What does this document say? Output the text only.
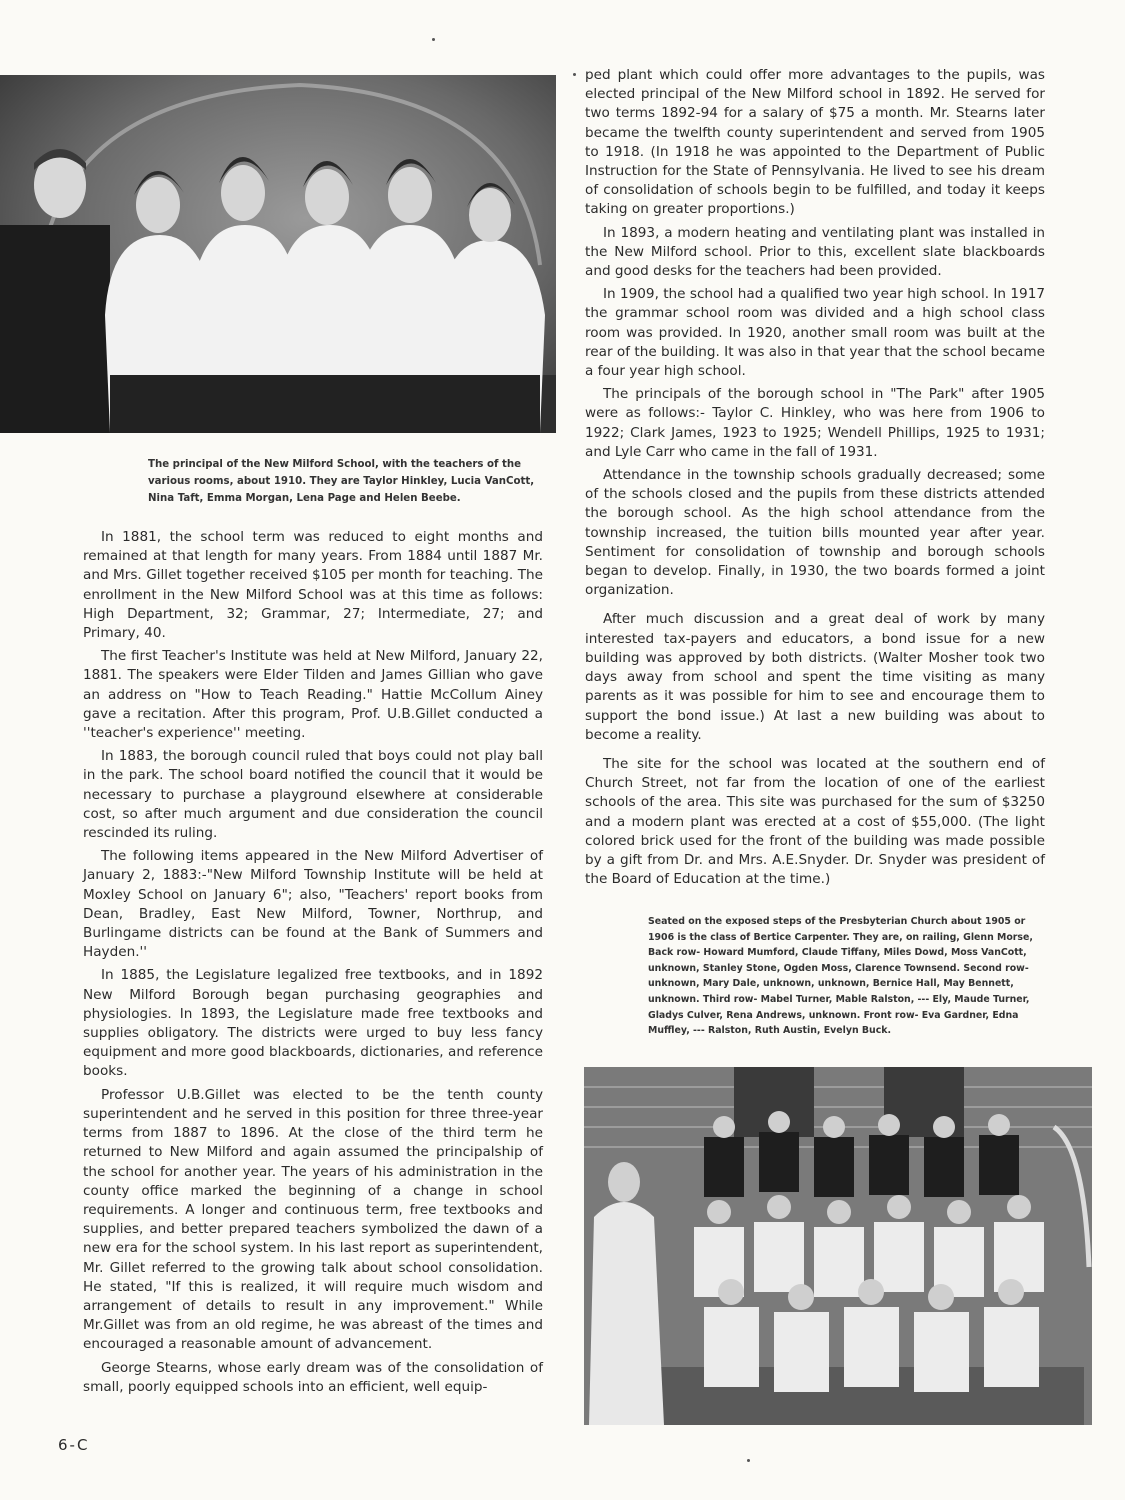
The principal of the New Milford School, with the teachers of the various rooms, about 1910. They are Taylor Hinkley, Lucia VanCott, Nina Taft, Emma Morgan, Lena Page and Helen Beebe.

In 1881, the school term was reduced to eight months and remained at that length for many years. From 1884 until 1887 Mr. and Mrs. Gillet together received $105 per month for teaching. The enrollment in the New Milford School was at this time as follows: High Department, 32; Grammar, 27; Intermediate, 27; and Primary, 40.

The first Teacher's Institute was held at New Milford, January 22, 1881. The speakers were Elder Tilden and James Gillian who gave an address on "How to Teach Reading." Hattie McCollum Ainey gave a recitation. After this program, Prof. U.B.Gillet conducted a ''teacher's experience'' meeting.

In 1883, the borough council ruled that boys could not play ball in the park. The school board notified the council that it would be necessary to purchase a playground elsewhere at considerable cost, so after much argument and due consideration the council rescinded its ruling.

The following items appeared in the New Milford Advertiser of January 2, 1883:-"New Milford Township Institute will be held at Moxley School on January 6"; also, "Teachers' report books from Dean, Bradley, East New Milford, Towner, Northrup, and Burlingame districts can be found at the Bank of Summers and Hayden.''

In 1885, the Legislature legalized free textbooks, and in 1892 New Milford Borough began purchasing geographies and physiologies. In 1893, the Legislature made free textbooks and supplies obligatory. The districts were urged to buy less fancy equipment and more good blackboards, dictionaries, and reference books.

Professor U.B.Gillet was elected to be the tenth county superintendent and he served in this position for three three-year terms from 1887 to 1896. At the close of the third term he returned to New Milford and again assumed the principalship of the school for another year. The years of his administration in the county office marked the beginning of a change in school requirements. A longer and continuous term, free textbooks and supplies, and better prepared teachers symbolized the dawn of a new era for the school system. In his last report as superintendent, Mr. Gillet referred to the growing talk about school consolidation. He stated, "If this is realized, it will require much wisdom and arrangement of details to result in any improvement." While Mr.Gillet was from an old regime, he was abreast of the times and encouraged a reasonable amount of advancement.

George Stearns, whose early dream was of the consolidation of small, poorly equipped schools into an efficient, well equip-

ped plant which could offer more advantages to the pupils, was elected principal of the New Milford school in 1892. He served for two terms 1892-94 for a salary of $75 a month. Mr. Stearns later became the twelfth county superintendent and served from 1905 to 1918. (In 1918 he was appointed to the Department of Public Instruction for the State of Pennsylvania. He lived to see his dream of consolidation of schools begin to be fulfilled, and today it keeps taking on greater proportions.)

In 1893, a modern heating and ventilating plant was installed in the New Milford school. Prior to this, excellent slate blackboards and good desks for the teachers had been provided.

In 1909, the school had a qualified two year high school. In 1917 the grammar school room was divided and a high school class room was provided. In 1920, another small room was built at the rear of the building. It was also in that year that the school became a four year high school.

The principals of the borough school in "The Park" after 1905 were as follows:- Taylor C. Hinkley, who was here from 1906 to 1922; Clark James, 1923 to 1925; Wendell Phillips, 1925 to 1931; and Lyle Carr who came in the fall of 1931.

Attendance in the township schools gradually decreased; some of the schools closed and the pupils from these districts attended the borough school. As the high school attendance from the township increased, the tuition bills mounted year after year. Sentiment for consolidation of township and borough schools began to develop. Finally, in 1930, the two boards formed a joint organization.

After much discussion and a great deal of work by many interested tax-payers and educators, a bond issue for a new building was approved by both districts. (Walter Mosher took two days away from school and spent the time visiting as many parents as it was possible for him to see and encourage them to support the bond issue.) At last a new building was about to become a reality.

The site for the school was located at the southern end of Church Street, not far from the location of one of the earliest schools of the area. This site was purchased for the sum of $3250 and a modern plant was erected at a cost of $55,000. (The light colored brick used for the front of the building was made possible by a gift from Dr. and Mrs. A.E.Snyder. Dr. Snyder was president of the Board of Education at the time.)

Seated on the exposed steps of the Presbyterian Church about 1905 or 1906 is the class of Bertice Carpenter. They are, on railing, Glenn Morse, Back row- Howard Mumford, Claude Tiffany, Miles Dowd, Moss VanCott, unknown, Stanley Stone, Ogden Moss, Clarence Townsend. Second row- unknown, Mary Dale, unknown, unknown, Bernice Hall, May Bennett, unknown. Third row- Mabel Turner, Mable Ralston, --- Ely, Maude Turner, Gladys Culver, Rena Andrews, unknown. Front row- Eva Gardner, Edna Muffley, --- Ralston, Ruth Austin, Evelyn Buck.

6-C
